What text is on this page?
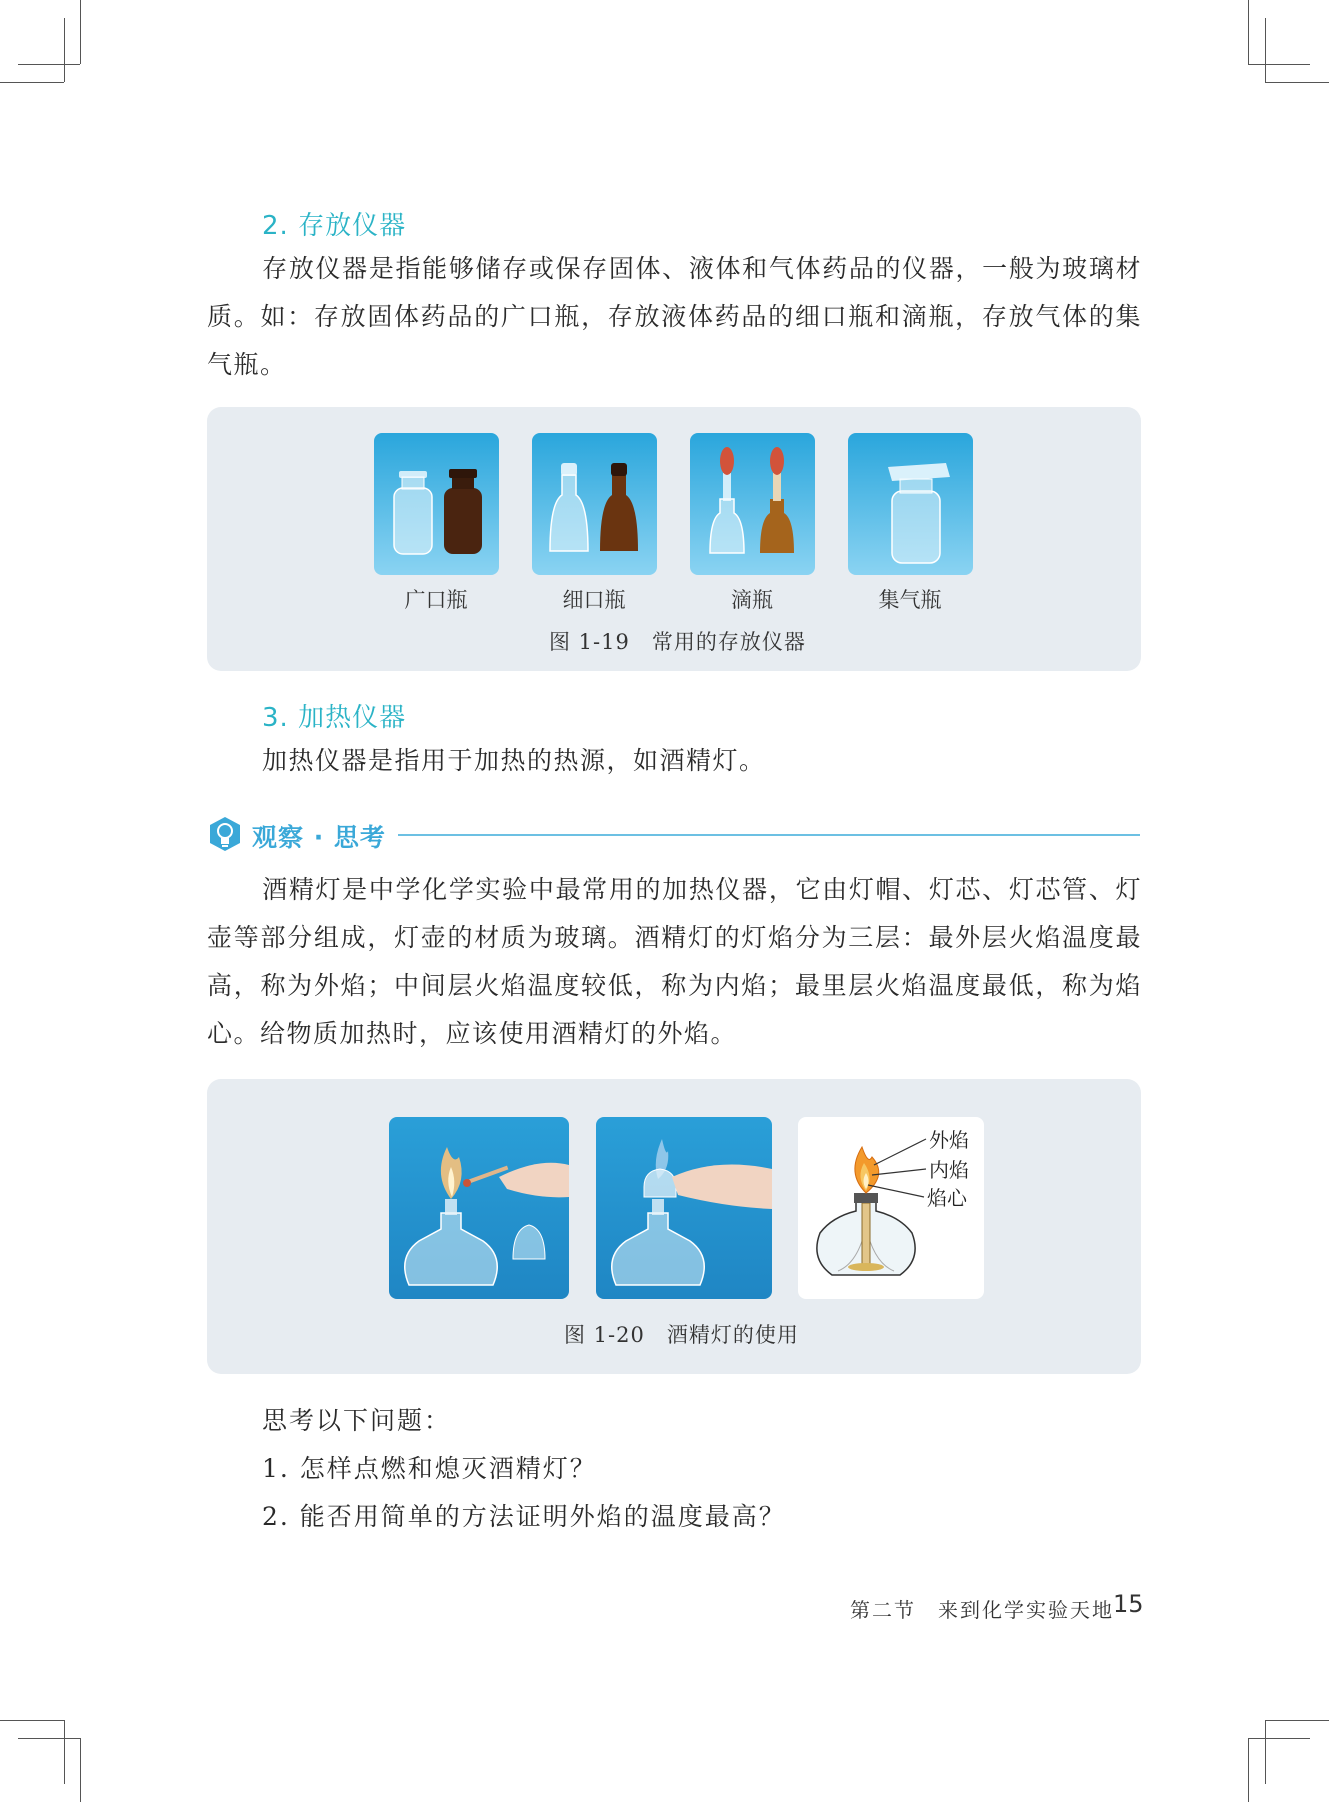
2. 存放仪器

存放仪器是指能够储存或保存固体、液体和气体药品的仪器，一般为玻璃材质。如：存放固体药品的广口瓶，存放液体药品的细口瓶和滴瓶，存放气体的集气瓶。

广口瓶	细口瓶	滴瓶	集气瓶
图 1-19　常用的存放仪器
3. 加热仪器

加热仪器是指用于加热的热源，如酒精灯。

观察 · 思考

酒精灯是中学化学实验中最常用的加热仪器，它由灯帽、灯芯、灯芯管、灯壶等部分组成，灯壶的材质为玻璃。酒精灯的灯焰分为三层：最外层火焰温度最高，称为外焰；中间层火焰温度较低，称为内焰；最里层火焰温度最低，称为焰心。给物质加热时，应该使用酒精灯的外焰。

外焰
内焰
焰心
图 1-20　酒精灯的使用
思考以下问题：
1. 怎样点燃和熄灭酒精灯？
2. 能否用简单的方法证明外焰的温度最高？
第二节　来到化学实验天地 15
